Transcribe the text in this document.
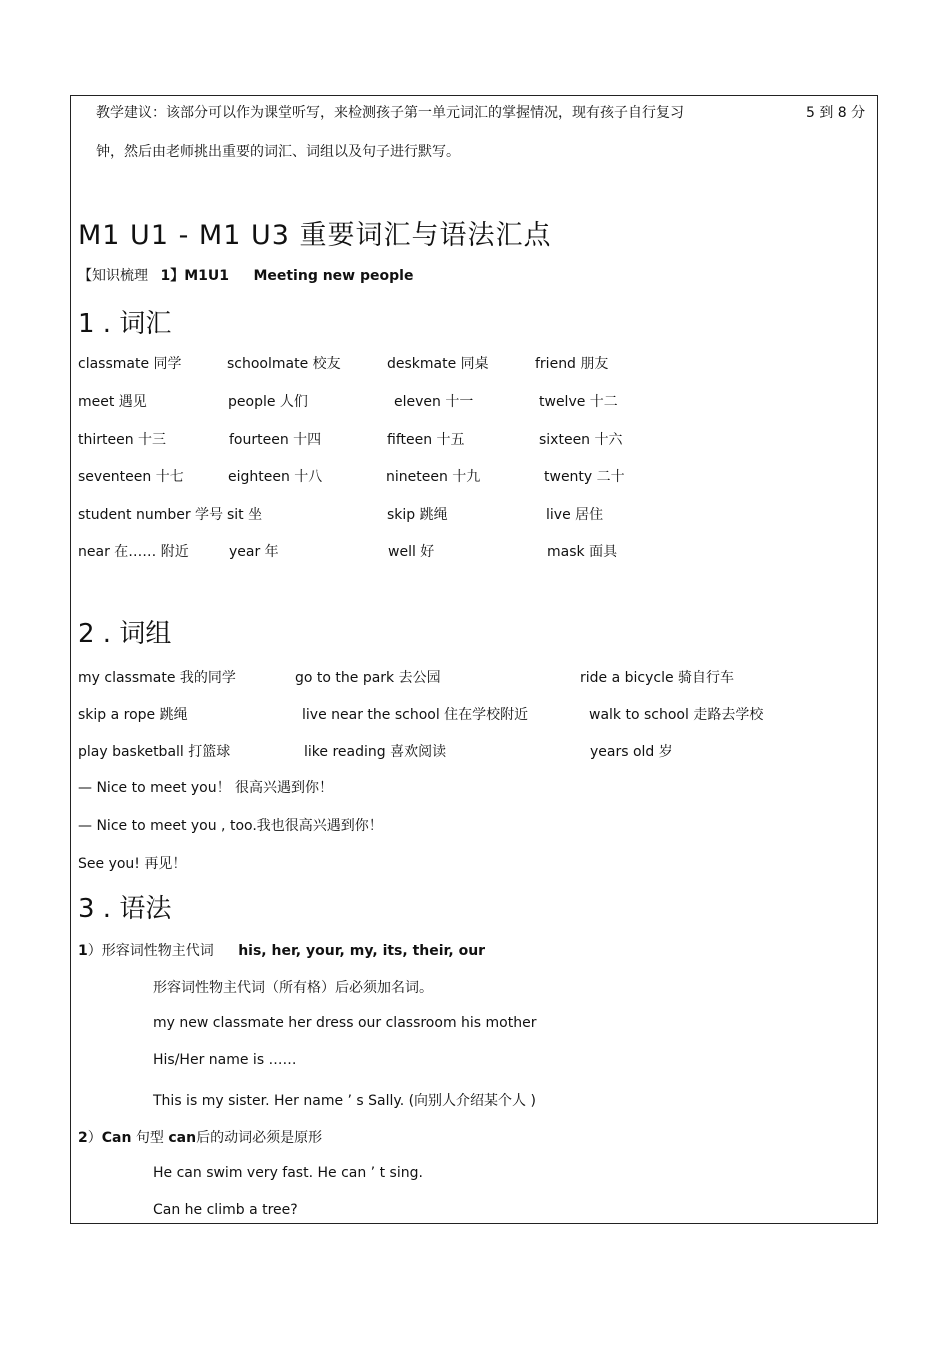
教学建议：该部分可以作为课堂听写，来检测孩子第一单元词汇的掌握情况，现有孩子自行复习	5 到 8 分
钟，然后由老师挑出重要的词汇、词组以及句子进行默写。
M1 U1 - M1 U3 重要词汇与语法汇点
【知识梳理 1】M1U1 Meeting new people
1 . 词汇
classmate 同学	schoolmate 校友	deskmate 同桌	friend 朋友
meet 遇见	people 人们	eleven 十一	twelve 十二
thirteen 十三	fourteen 十四	fifteen 十五	sixteen 十六
seventeen 十七	eighteen 十八	nineteen 十九	twenty 二十
student number 学号 sit 坐	skip 跳绳	live 居住
near 在…… 附近	year 年	well 好	mask 面具
2 . 词组
my classmate 我的同学	go to the park 去公园	ride a bicycle 骑自行车
skip a rope 跳绳	live near the school 住在学校附近	walk to school 走路去学校
play basketball 打篮球	like reading 喜欢阅读	years old 岁
— Nice to meet you！ 很高兴遇到你！
— Nice to meet you , too.我也很高兴遇到你！
See you! 再见！
3 . 语法
1）形容词性物主代词 his, her, your, my, its, their, our
形容词性物主代词（所有格）后必须加名词。
my new classmate her dress our classroom his mother
His/Her name is ……
This is my sister. Her name ’ s Sally. (向别人介绍某个人 )
2）Can 句型 can后的动词必须是原形
He can swim very fast. He can ’ t sing.
Can he climb a tree?
